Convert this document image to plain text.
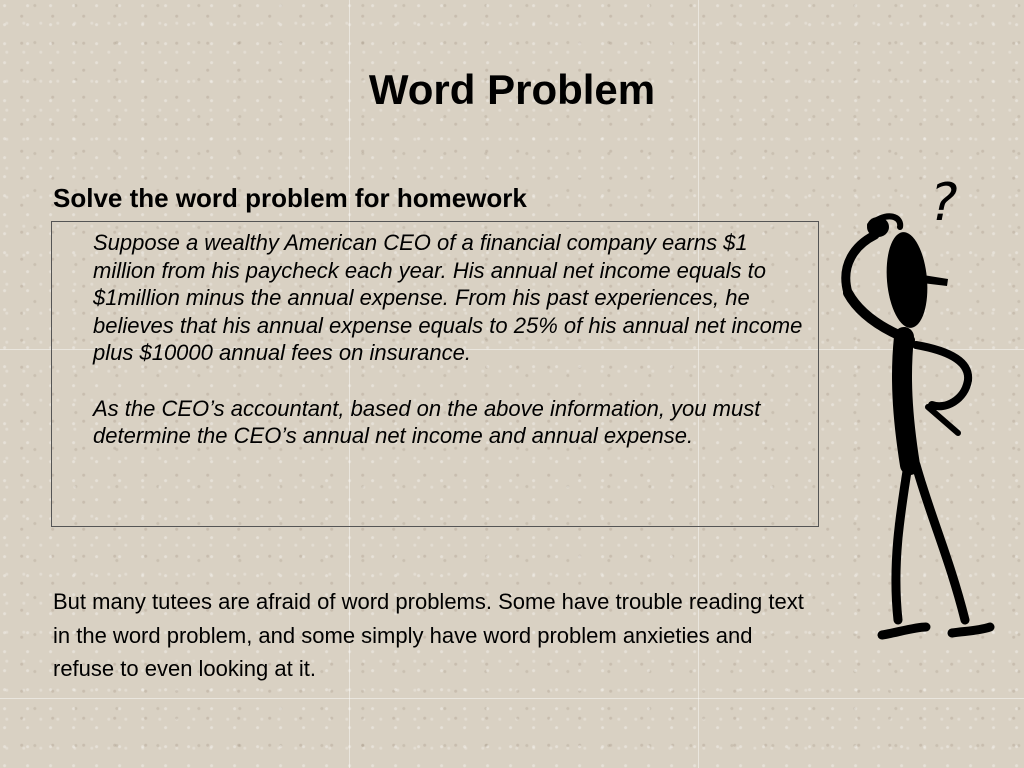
Word Problem
Solve the word problem for homework

Suppose a wealthy American CEO of a financial company earns $1 million from his paycheck each year. His annual net income equals to $1million minus the annual expense. From his past experiences, he believes that his annual expense equals to 25% of his annual net income plus $10000 annual fees on insurance.

As the CEO’s accountant, based on the above information, you must determine the CEO’s annual net income and annual expense.

But many tutees are afraid of word problems. Some have trouble reading text in the word problem, and some simply have word problem anxieties and refuse to even looking at it.

?
